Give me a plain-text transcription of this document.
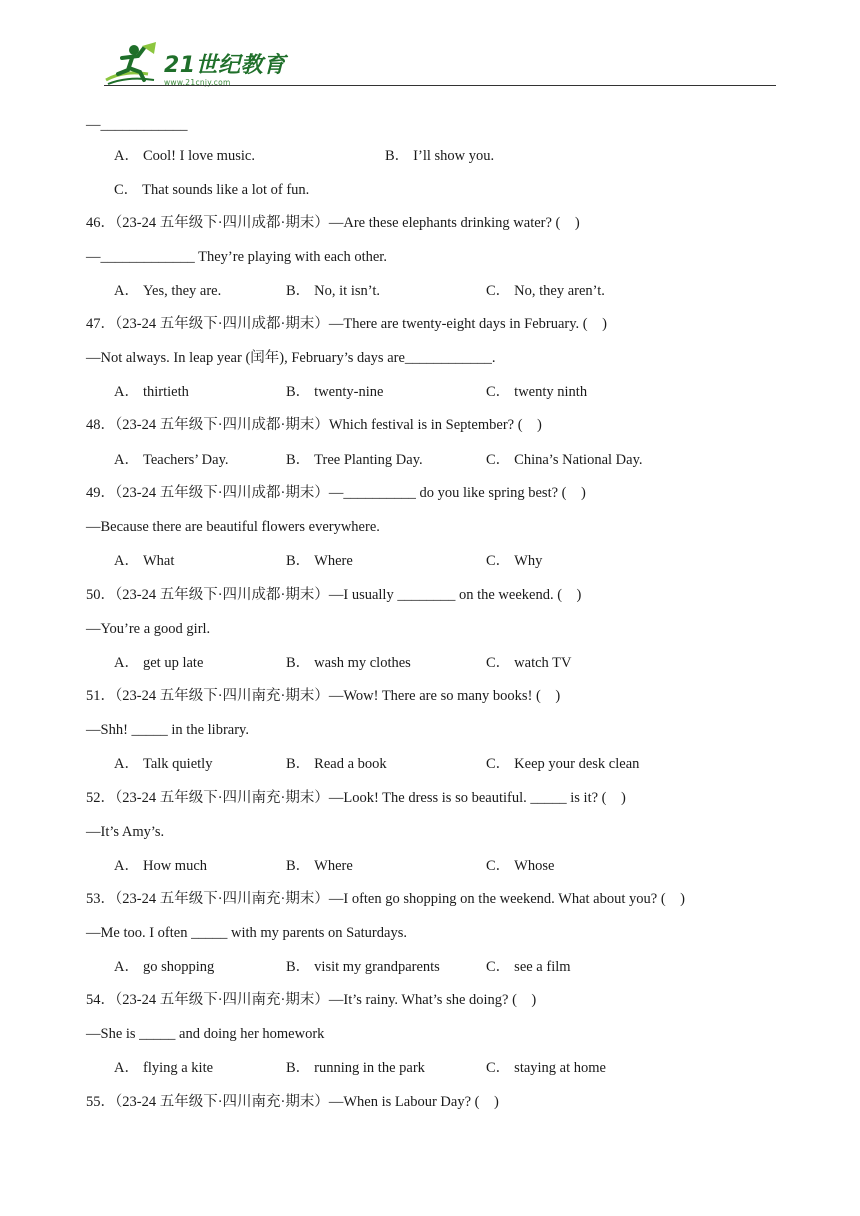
21世纪教育
www.21cnjy.com
—____________
A． Cool! I love music.	B． I’ll show you.
C． That sounds like a lot of fun.
46．（23-24 五年级下·四川成都·期末）—Are these elephants drinking water? (    )
—_____________ They’re playing with each other.
A． Yes, they are.	B． No, it isn’t.	C． No, they aren’t.
47．（23-24 五年级下·四川成都·期末）—There are twenty-eight days in February. (    )
—Not always. In leap year (闰年), February’s days are____________.
A． thirtieth	B． twenty-nine	C． twenty ninth
48．（23-24 五年级下·四川成都·期末）Which festival is in September? (    )
A． Teachers’ Day.	B． Tree Planting Day.	C． China’s National Day.
49．（23-24 五年级下·四川成都·期末）—__________ do you like spring best? (    )
—Because there are beautiful flowers everywhere.
A． What	B． Where	C． Why
50．（23-24 五年级下·四川成都·期末）—I usually ________ on the weekend. (    )
—You’re a good girl.
A． get up late	B． wash my clothes	C． watch TV
51．（23-24 五年级下·四川南充·期末）—Wow! There are so many books! (    )
—Shh! _____ in the library.
A． Talk quietly	B． Read a book	C． Keep your desk clean
52．（23-24 五年级下·四川南充·期末）—Look! The dress is so beautiful. _____ is it? (    )
—It’s Amy’s.
A． How much	B． Where	C． Whose
53．（23-24 五年级下·四川南充·期末）—I often go shopping on the weekend. What about you? (    )
—Me too. I often _____ with my parents on Saturdays.
A． go shopping	B． visit my grandparents	C． see a film
54．（23-24 五年级下·四川南充·期末）—It’s rainy. What’s she doing? (    )
—She is _____ and doing her homework
A． flying a kite	B． running in the park	C． staying at home
55．（23-24 五年级下·四川南充·期末）—When is Labour Day? (    )
